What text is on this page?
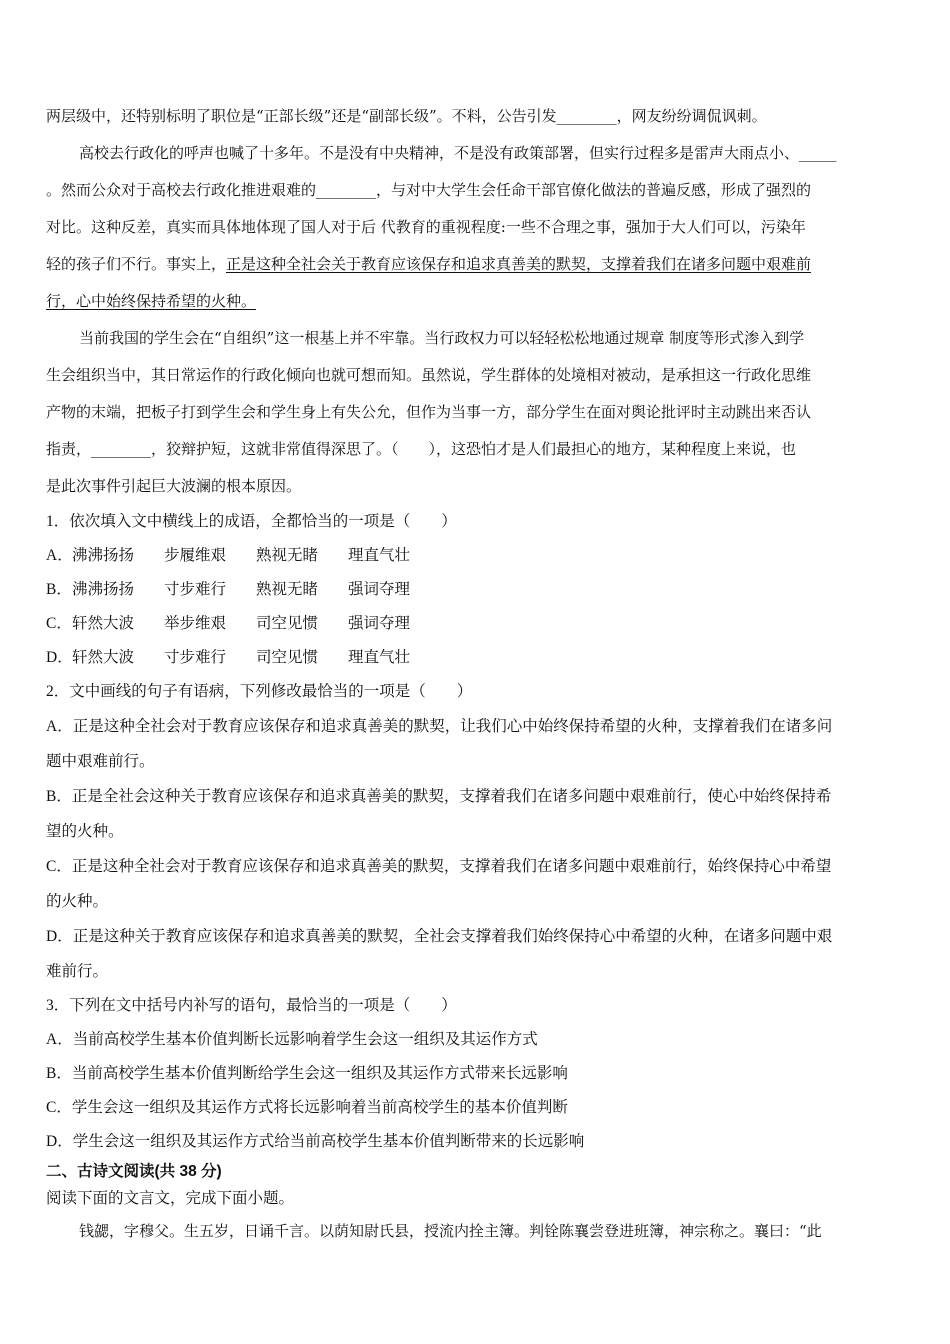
两层级中，还特别标明了职位是“正部长级”还是“副部长级”。不料，公告引发________，网友纷纷调侃讽刺。
高校去行政化的呼声也喊了十多年。不是没有中央精神，不是没有政策部署，但实行过程多是雷声大雨点小、_____
。然而公众对于高校去行政化推进艰难的________，与对中大学生会任命干部官僚化做法的普遍反感，形成了强烈的
对比。这种反差，真实而具体地体现了国人对于后 代教育的重视程度:一些不合理之事，强加于大人们可以，污染年
轻的孩子们不行。事实上，正是这种全社会关于教育应该保存和追求真善美的默契，支撑着我们在诸多问题中艰难前
行，心中始终保持希望的火种。
当前我国的学生会在“自组织”这一根基上并不牢靠。当行政权力可以轻轻松松地通过规章 制度等形式渗入到学
生会组织当中，其日常运作的行政化倾向也就可想而知。虽然说，学生群体的处境相对被动，是承担这一行政化思维
产物的末端，把板子打到学生会和学生身上有失公允，但作为当事一方，部分学生在面对舆论批评时主动跳出来否认
指责，________，狡辩护短，这就非常值得深思了。（　　），这恐怕才是人们最担心的地方，某种程度上来说，也
是此次事件引起巨大波澜的根本原因。
1．依次填入文中横线上的成语，全都恰当的一项是（　　）
A．沸沸扬扬 步履维艰 熟视无睹 理直气壮
B．沸沸扬扬 寸步难行 熟视无睹 强词夺理
C．轩然大波 举步维艰 司空见惯 强词夺理
D．轩然大波 寸步难行 司空见惯 理直气壮
2．文中画线的句子有语病，下列修改最恰当的一项是（　　）
A．正是这种全社会对于教育应该保存和追求真善美的默契，让我们心中始终保持希望的火种，支撑着我们在诸多问
题中艰难前行。
B．正是全社会这种关于教育应该保存和追求真善美的默契，支撑着我们在诸多问题中艰难前行，使心中始终保持希
望的火种。
C．正是这种全社会对于教育应该保存和追求真善美的默契，支撑着我们在诸多问题中艰难前行，始终保持心中希望
的火种。
D．正是这种关于教育应该保存和追求真善美的默契，全社会支撑着我们始终保持心中希望的火种，在诸多问题中艰
难前行。
3．下列在文中括号内补写的语句，最恰当的一项是（　　）
A．当前高校学生基本价值判断长远影响着学生会这一组织及其运作方式
B．当前高校学生基本价值判断给学生会这一组织及其运作方式带来长远影响
C．学生会这一组织及其运作方式将长远影响着当前高校学生的基本价值判断
D．学生会这一组织及其运作方式给当前高校学生基本价值判断带来的长远影响
二、古诗文阅读(共 38 分)
阅读下面的文言文，完成下面小题。
钱勰，字穆父。生五岁，日诵千言。以荫知尉氏县，授流内拴主簿。判铨陈襄尝登进班簿，神宗称之。襄曰：“此
